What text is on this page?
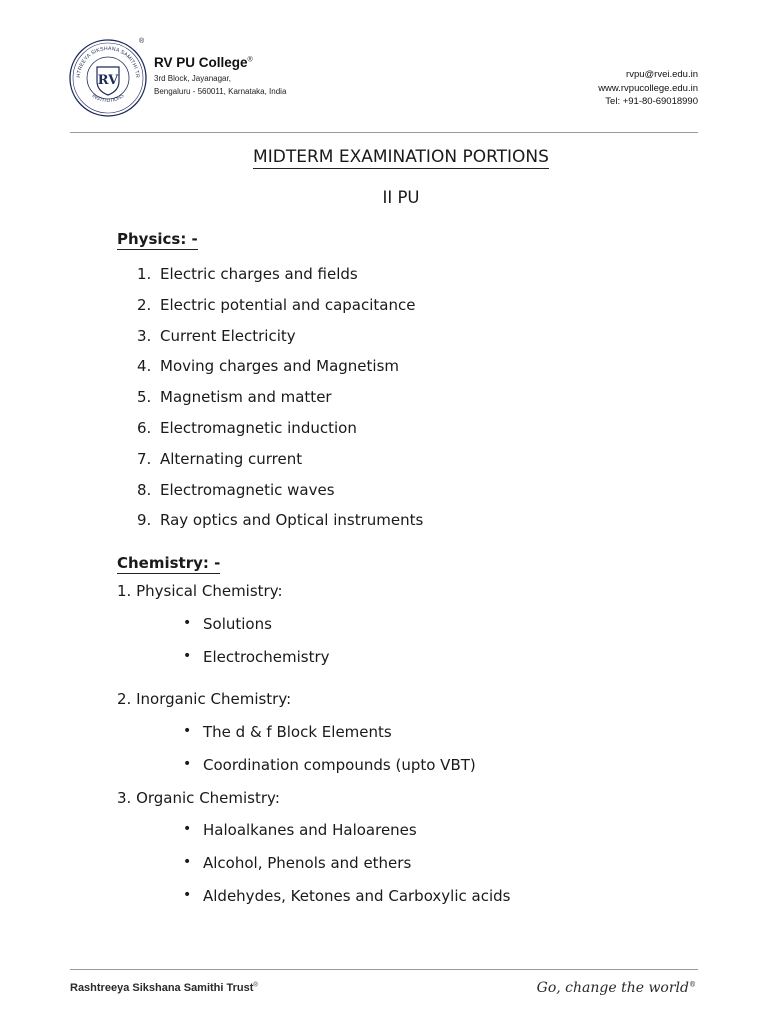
HTREEYA SIKSHANA SAMITHI TR
INSTITUTIONS
RV
®
RV PU College®
3rd Block, Jayanagar,
Bengaluru - 560011, Karnataka, India
rvpu@rvei.edu.in
www.rvpucollege.edu.in
Tel: +91-80-69018990
MIDTERM EXAMINATION PORTIONS
II PU
Physics: -
1. Electric charges and fields
2. Electric potential and capacitance
3. Current Electricity
4. Moving charges and Magnetism
5. Magnetism and matter
6. Electromagnetic induction
7. Alternating current
8. Electromagnetic waves
9. Ray optics and Optical instruments
Chemistry: -
1. Physical Chemistry:
• Solutions
• Electrochemistry
2. Inorganic Chemistry:
• The d & f Block Elements
• Coordination compounds (upto VBT)
3. Organic Chemistry:
• Haloalkanes and Haloarenes
• Alcohol, Phenols and ethers
• Aldehydes, Ketones and Carboxylic acids
Rashtreeya Sikshana Samithi Trust®	Go, change the world®
